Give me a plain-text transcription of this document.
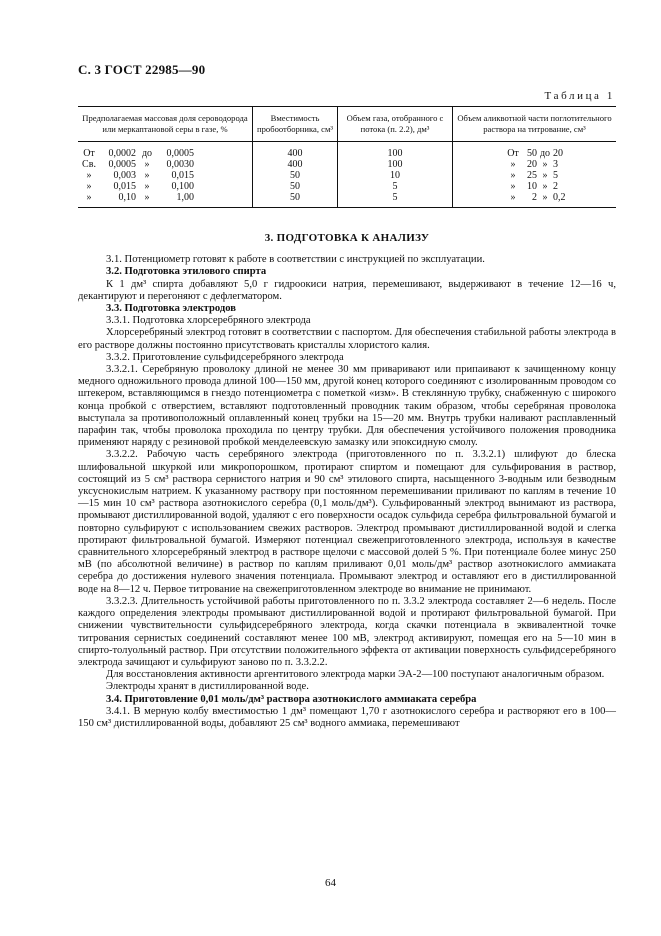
С. 3 ГОСТ 22985—90
Таблица 1
Предполагаемая массовая доля сероводорода или меркаптановой серы в газе, %	Вместимость пробоотборника, см³	Объем газа, отобранного с потока (п. 2.2), дм³	Объем аликвотной части поглотительного раствора на титрование, см³
От 0,0002 до 0,0005	400	100	От 50 до 20
Св. 0,0005 » 0,0030	400	100	» 20 » 3
» 0,003 » 0,015	50	10	» 25 » 5
» 0,015 » 0,100	50	5	» 10 » 2
» 0,10 » 1,00	50	5	» 2 » 0,2
3. ПОДГОТОВКА К АНАЛИЗУ

3.1. Потенциометр готовят к работе в соответствии с инструкцией по эксплуатации.

3.2. Подготовка этилового спирта

К 1 дм³ спирта добавляют 5,0 г гидроокиси натрия, перемешивают, выдерживают в течение 12—16 ч, декантируют и перегоняют с дефлегматором.

3.3. Подготовка электродов

3.3.1. Подготовка хлорсеребряного электрода

Хлорсеребряный электрод готовят в соответствии с паспортом. Для обеспечения стабильной работы электрода в его растворе должны постоянно присутствовать кристаллы хлористого калия.

3.3.2. Приготовление сульфидсеребряного электрода

3.3.2.1. Серебряную проволоку длиной не менее 30 мм приваривают или припаивают к зачищенному концу медного одножильного провода длиной 100—150 мм, другой конец которого соединяют с изолированным проводом со штекером, вставляющимся в гнездо потенциометра с пометкой «изм». В стеклянную трубку, снабженную с широкого конца пробкой с отверстием, вставляют подготовленный проводник таким образом, чтобы серебряная проволока выступала за противоположный оплавленный конец трубки на 15—20 мм. Внутрь трубки наливают расплавленный парафин так, чтобы проволока проходила по центру трубки. Для обеспечения устойчивого положения проводника применяют наряду с резиновой пробкой менделеевскую замазку или эпоксидную смолу.

3.3.2.2. Рабочую часть серебряного электрода (приготовленного по п. 3.3.2.1) шлифуют до блеска шлифовальной шкуркой или микропорошком, протирают спиртом и помещают для сульфирования в раствор, состоящий из 5 см³ раствора сернистого натрия и 90 см³ этилового спирта, насыщенного 3-водным или безводным уксуснокислым натрием. К указанному раствору при постоянном перемешивании приливают по каплям в течение 10—15 мин 10 см³ раствора азотнокислого серебра (0,1 моль/дм³). Сульфированный электрод вынимают из раствора, промывают дистиллированной водой, удаляют с его поверхности осадок сульфида серебра фильтровальной бумагой и повторно сульфируют с использованием свежих растворов. Электрод промывают дистиллированной водой и слегка протирают фильтровальной бумагой. Измеряют потенциал свежеприготовленного электрода, используя в качестве сравнительного хлорсеребряный электрод в растворе щелочи с массовой долей 5 %. При потенциале более минус 250 мВ (по абсолютной величине) в раствор по каплям приливают 0,01 моль/дм³ раствор азотнокислого аммиаката серебра до достижения нулевого значения потенциала. Промывают электрод и оставляют его в дистиллированной воде на 8—12 ч. Первое титрование на свежеприготовленном электроде во внимание не принимают.

3.3.2.3. Длительность устойчивой работы приготовленного по п. 3.3.2 электрода составляет 2—6 недель. После каждого определения электроды промывают дистиллированной водой и протирают фильтровальной бумагой. При снижении чувствительности сульфидсеребряного электрода, когда скачки потенциала в эквивалентной точке титрования сернистых соединений составляют менее 100 мВ, электрод активируют, помещая его на 5—10 мин в спирто-толуольный раствор. При отсутствии положительного эффекта от активации поверхность сульфидсеребряного электрода зачищают и сульфируют заново по п. 3.3.2.2.

Для восстановления активности аргентитового электрода марки ЭА-2—100 поступают аналогичным образом.

Электроды хранят в дистиллированной воде.

3.4. Приготовление 0,01 моль/дм³ раствора азотнокислого аммиаката серебра

3.4.1. В мерную колбу вместимостью 1 дм³ помещают 1,70 г азотнокислого серебра и растворяют его в 100—150 см³ дистиллированной воды, добавляют 25 см³ водного аммиака, перемешивают

64
